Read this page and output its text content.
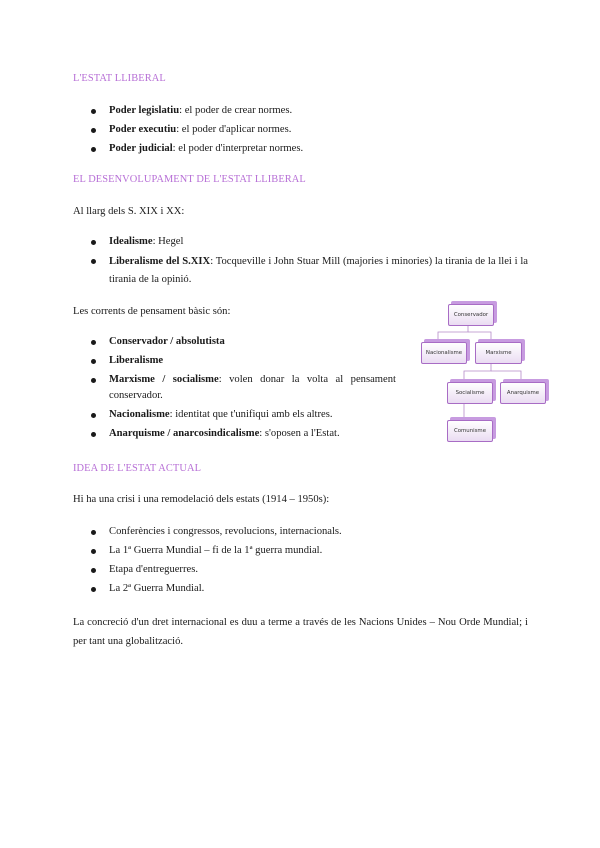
L'ESTAT LLIBERAL
Poder legislatiu: el poder de crear normes.
Poder executiu: el poder d'aplicar normes.
Poder judicial: el poder d'interpretar normes.
EL DESENVOLUPAMENT DE L'ESTAT LLIBERAL
Al llarg dels S. XIX i XX:
Idealisme: Hegel
Liberalisme del S.XIX: Tocqueville i John Stuar Mill (majories i minories) la tirania de la llei i la tirania de la opinió.
Les corrents de pensament bàsic són:
Conservador / absolutista
Liberalisme
Marxisme / socialisme: volen donar la volta al pensament conservador.
Nacionalisme: identitat que t'unifiqui amb els altres.
Anarquisme / anarcosindicalisme: s'oposen a l'Estat.
Conservador
Nacionalisme	Marxisme
Socialisme	Anarquisme
Comunisme
IDEA DE L'ESTAT ACTUAL
Hi ha una crisi i una remodelació dels estats (1914 – 1950s):
Conferències i congressos, revolucions, internacionals.
La 1ª Guerra Mundial – fi de la 1ª guerra mundial.
Etapa d'entreguerres.
La 2ª Guerra Mundial.
La concreció d'un dret internacional es duu a terme a través de les Nacions Unides – Nou Orde Mundial; i per tant una globalització.
